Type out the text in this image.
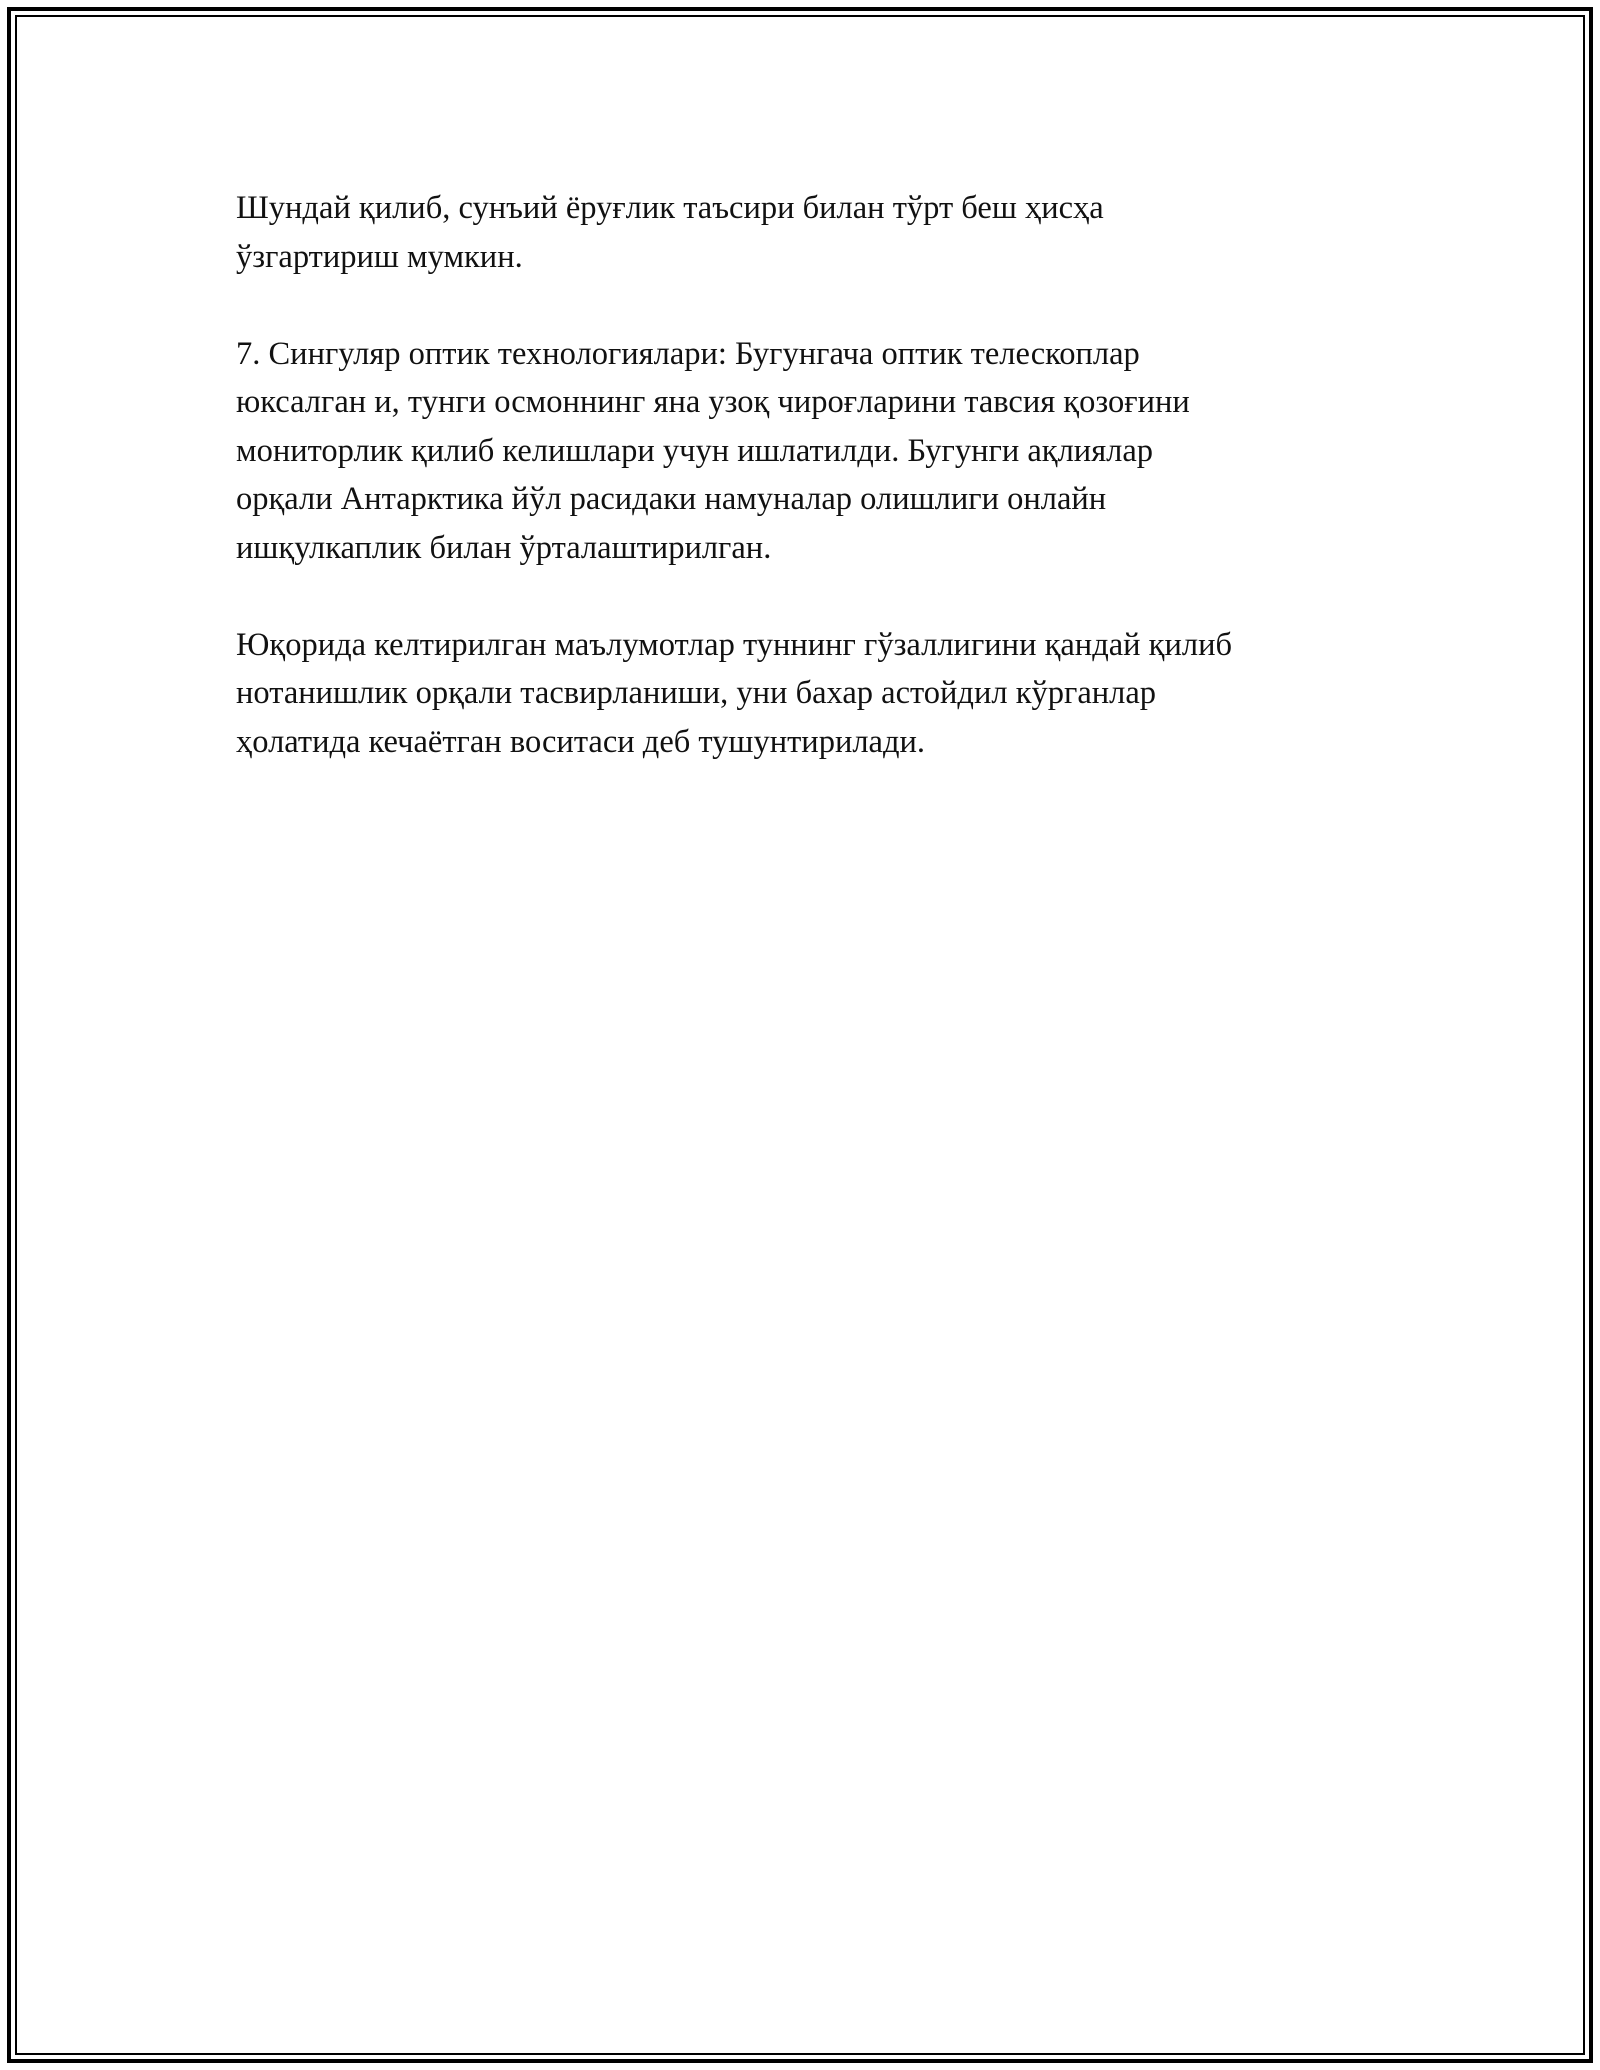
Шундай қилиб, сунъий ёруғлик таъсири билан тўрт беш ҳисҳа
ўзгартириш мумкин.

7. Сингуляр оптик технологиялари: Бугунгача оптик телескоплар
юксалган и, тунги осмоннинг яна узоқ чироғларини тавсия қозоғини
мониторлик қилиб келишлари учун ишлатилди. Бугунги ақлиялар
орқали Антарктика йўл расидаки намуналар олишлиги онлайн
ишқулкаплик билан ўрталаштирилган.

Юқорида келтирилган маълумотлар туннинг гўзаллигини қандай қилиб
нотанишлик орқали тасвирланиши, уни бахар астойдил кўрганлар
ҳолатида кечаётган воситаси деб тушунтирилади.
